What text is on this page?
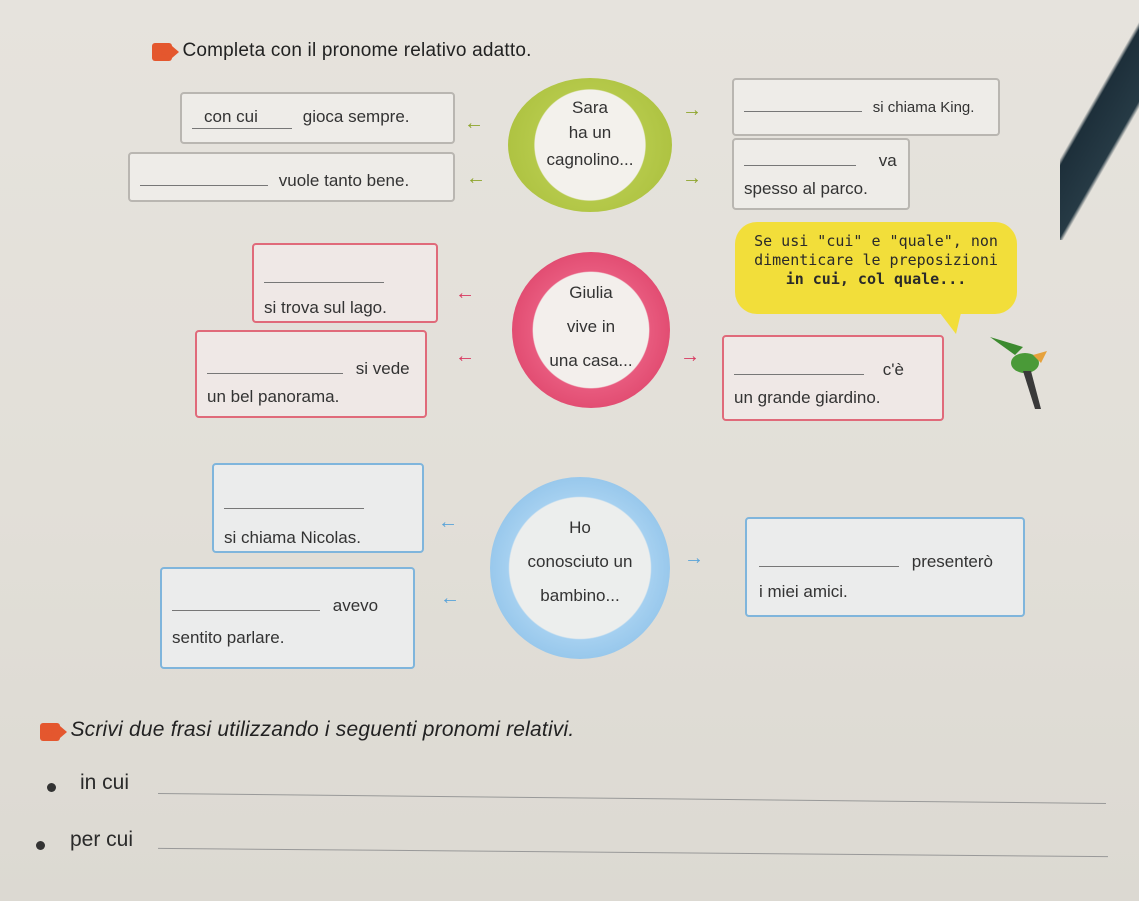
2 Completa con il pronome relativo adatto.
Sara
ha un
cagnolino...
con cui	gioca sempre.
vuole tanto bene.
si chiama King.
va
spesso al parco.
←
←
→
→
Se usi "cui" e "quale", non
dimenticare le preposizioni
in cui, col quale...
Giulia
vive in
una casa...
si trova sul lago.
si vede
un bel panorama.
c'è
un grande giardino.
←
←	→
Ho
conosciuto un
bambino...
si chiama Nicolas.
avevo
sentito parlare.
presenterò
i miei amici.
←
←
→
3 Scrivi due frasi utilizzando i seguenti pronomi relativi.
in cui
per cui
